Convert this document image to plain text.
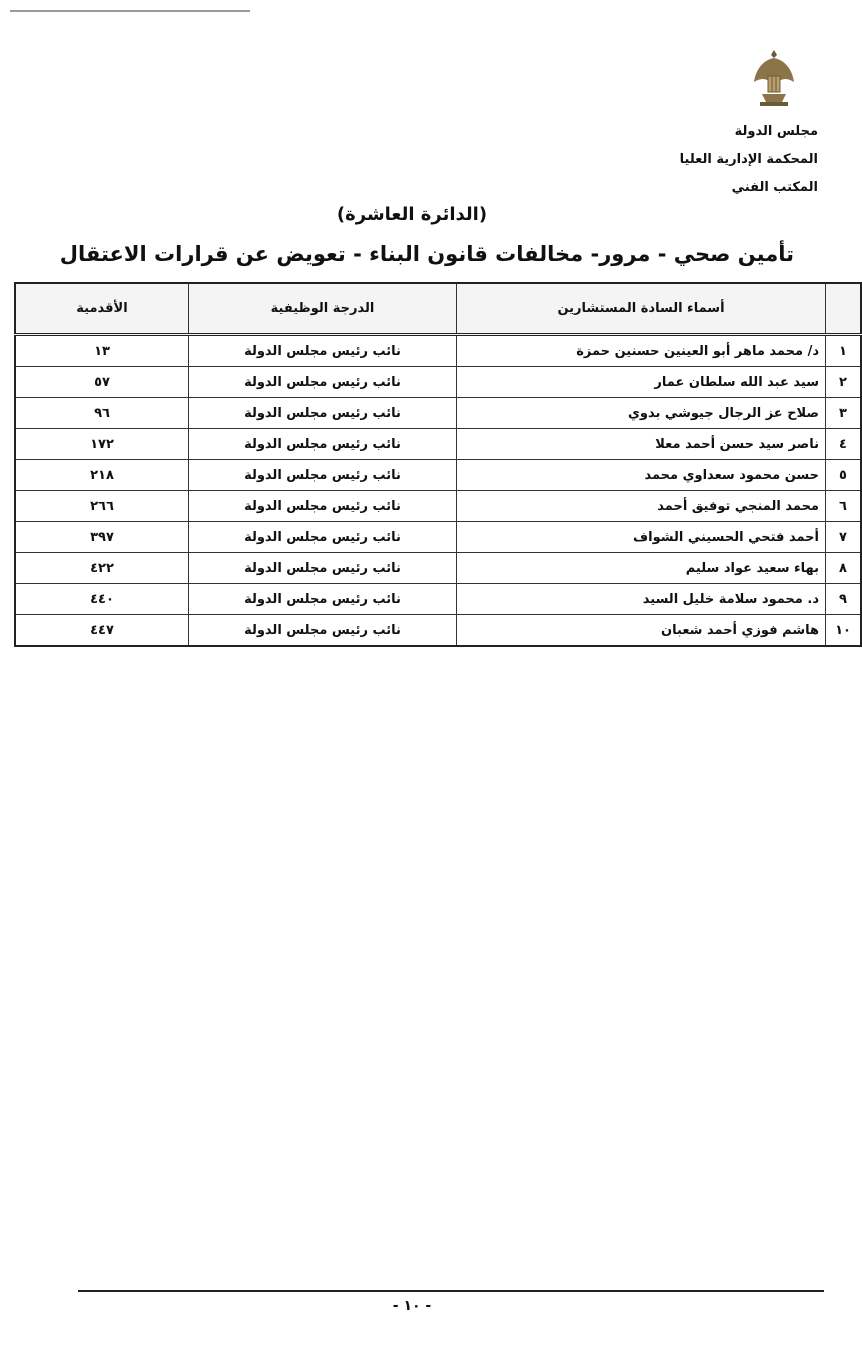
مجلس الدولة
المحكمة الإدارية العليا
المكتب الفني
(الدائرة العاشرة)
تأمين صحي - مرور- مخالفات قانون البناء - تعويض عن قرارات الاعتقال
	أسماء السادة المستشارين	الدرجة الوظيفية	الأقدمية
١	د/ محمد ماهر أبو العينين حسنين حمزة	نائب رئيس مجلس الدولة	١٣
٢	سيد عبد الله سلطان عمار	نائب رئيس مجلس الدولة	٥٧
٣	صلاح عز الرجال جيوشي بدوي	نائب رئيس مجلس الدولة	٩٦
٤	ناصر سيد حسن أحمد معلا	نائب رئيس مجلس الدولة	١٧٢
٥	حسن محمود سعداوي محمد	نائب رئيس مجلس الدولة	٢١٨
٦	محمد المنجي توفيق أحمد	نائب رئيس مجلس الدولة	٢٦٦
٧	أحمد فتحي الحسيني الشواف	نائب رئيس مجلس الدولة	٣٩٧
٨	بهاء سعيد عواد سليم	نائب رئيس مجلس الدولة	٤٢٢
٩	د. محمود سلامة خليل السيد	نائب رئيس مجلس الدولة	٤٤٠
١٠	هاشم فوزي أحمد شعبان	نائب رئيس مجلس الدولة	٤٤٧
- ١٠ -
